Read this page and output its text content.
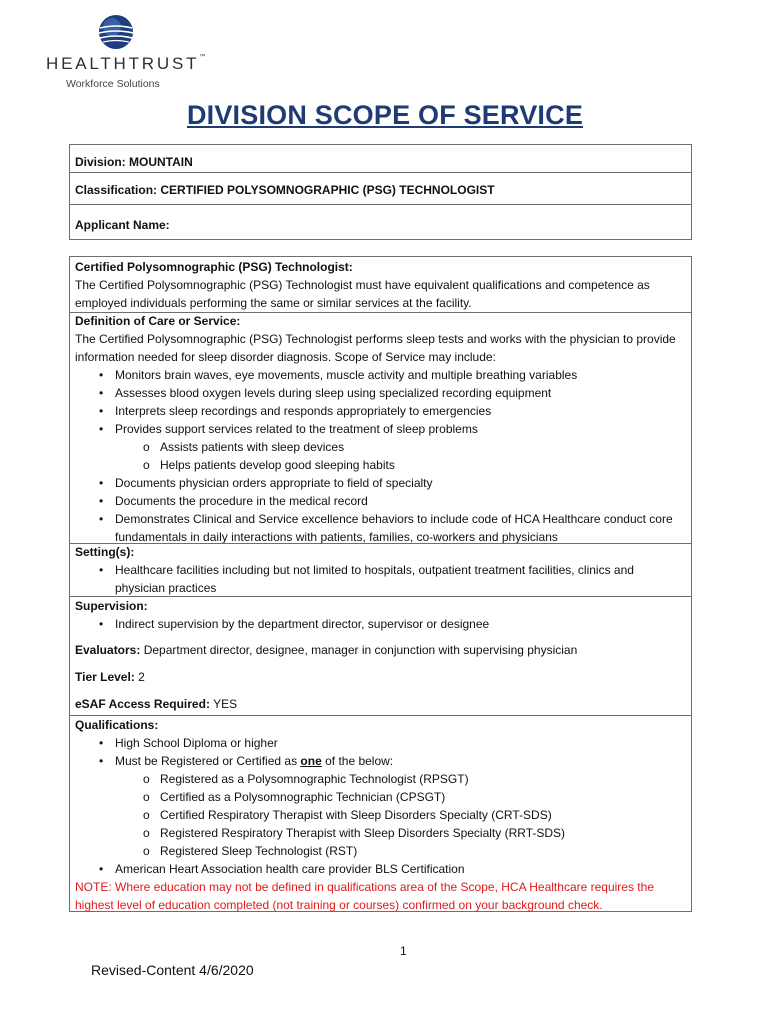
HEALTHTRUST™
Workforce Solutions
DIVISION SCOPE OF SERVICE
Division: MOUNTAIN
Classification: CERTIFIED POLYSOMNOGRAPHIC (PSG) TECHNOLOGIST
Applicant Name:
Certified Polysomnographic (PSG) Technologist:
The Certified Polysomnographic (PSG) Technologist must have equivalent qualifications and competence as employed individuals performing the same or similar services at the facility.
Definition of Care or Service:
The Certified Polysomnographic (PSG) Technologist performs sleep tests and works with the physician to provide information needed for sleep disorder diagnosis. Scope of Service may include:
• Monitors brain waves, eye movements, muscle activity and multiple breathing variables
• Assesses blood oxygen levels during sleep using specialized recording equipment
• Interprets sleep recordings and responds appropriately to emergencies
• Provides support services related to the treatment of sleep problems
o Assists patients with sleep devices
o Helps patients develop good sleeping habits
• Documents physician orders appropriate to field of specialty
• Documents the procedure in the medical record
• Demonstrates Clinical and Service excellence behaviors to include code of HCA Healthcare conduct core fundamentals in daily interactions with patients, families, co-workers and physicians
Setting(s):
• Healthcare facilities including but not limited to hospitals, outpatient treatment facilities, clinics and physician practices
Supervision:
• Indirect supervision by the department director, supervisor or designee
Evaluators: Department director, designee, manager in conjunction with supervising physician
Tier Level: 2
eSAF Access Required: YES
Qualifications:
• High School Diploma or higher
• Must be Registered or Certified as one of the below:
o Registered as a Polysomnographic Technologist (RPSGT)
o Certified as a Polysomnographic Technician (CPSGT)
o Certified Respiratory Therapist with Sleep Disorders Specialty (CRT-SDS)
o Registered Respiratory Therapist with Sleep Disorders Specialty (RRT-SDS)
o Registered Sleep Technologist (RST)
• American Heart Association health care provider BLS Certification
NOTE: Where education may not be defined in qualifications area of the Scope, HCA Healthcare requires the highest level of education completed (not training or courses) confirmed on your background check.
1
Revised-Content 4/6/2020
